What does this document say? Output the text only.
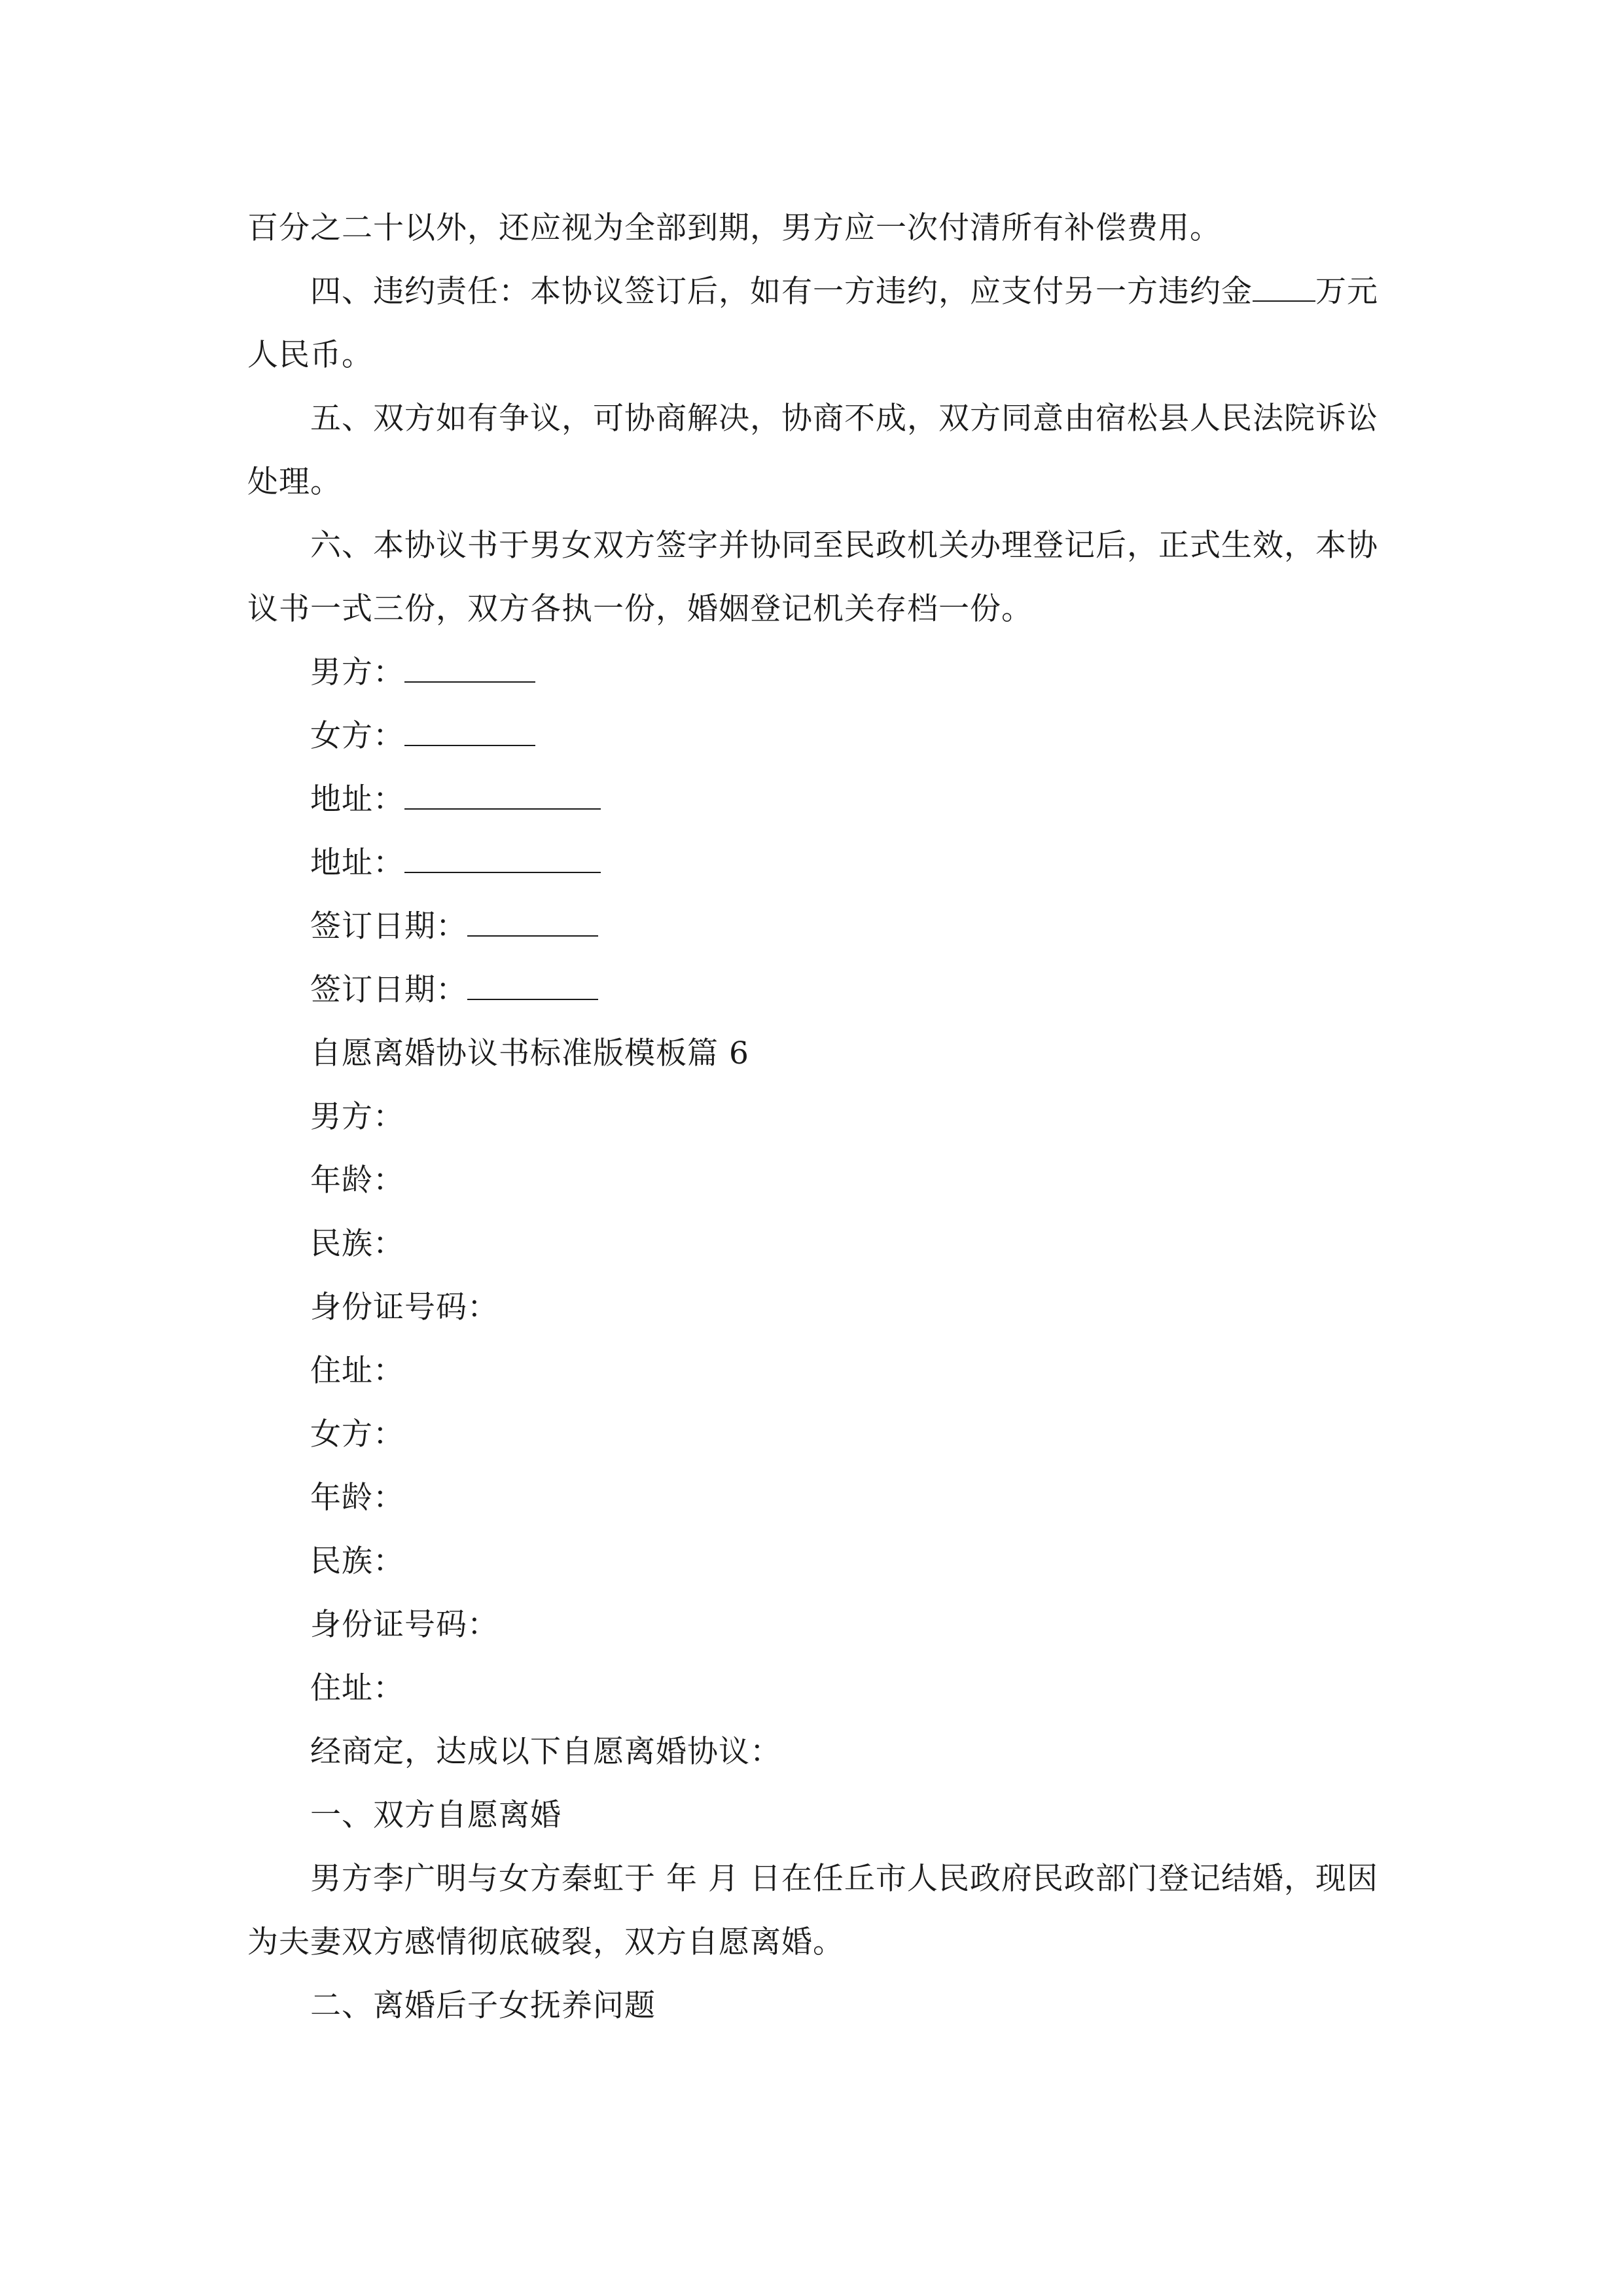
百分之二十以外，还应视为全部到期，男方应一次付清所有补偿费用。

四、违约责任：本协议签订后，如有一方违约，应支付另一方违约金 万元人民币。

五、双方如有争议，可协商解决，协商不成，双方同意由宿松县人民法院诉讼处理。

六、本协议书于男女双方签字并协同至民政机关办理登记后，正式生效，本协议书一式三份，双方各执一份，婚姻登记机关存档一份。

男方：
女方：
地址：
地址：
签订日期：
签订日期：
自愿离婚协议书标准版模板篇 6
男方：
年龄：
民族：
身份证号码：
住址：
女方：
年龄：
民族：
身份证号码：
住址：
经商定，达成以下自愿离婚协议：
一、双方自愿离婚

男方李广明与女方秦虹于 年 月 日在任丘市人民政府民政部门登记结婚，现因为夫妻双方感情彻底破裂，双方自愿离婚。

二、离婚后子女抚养问题
